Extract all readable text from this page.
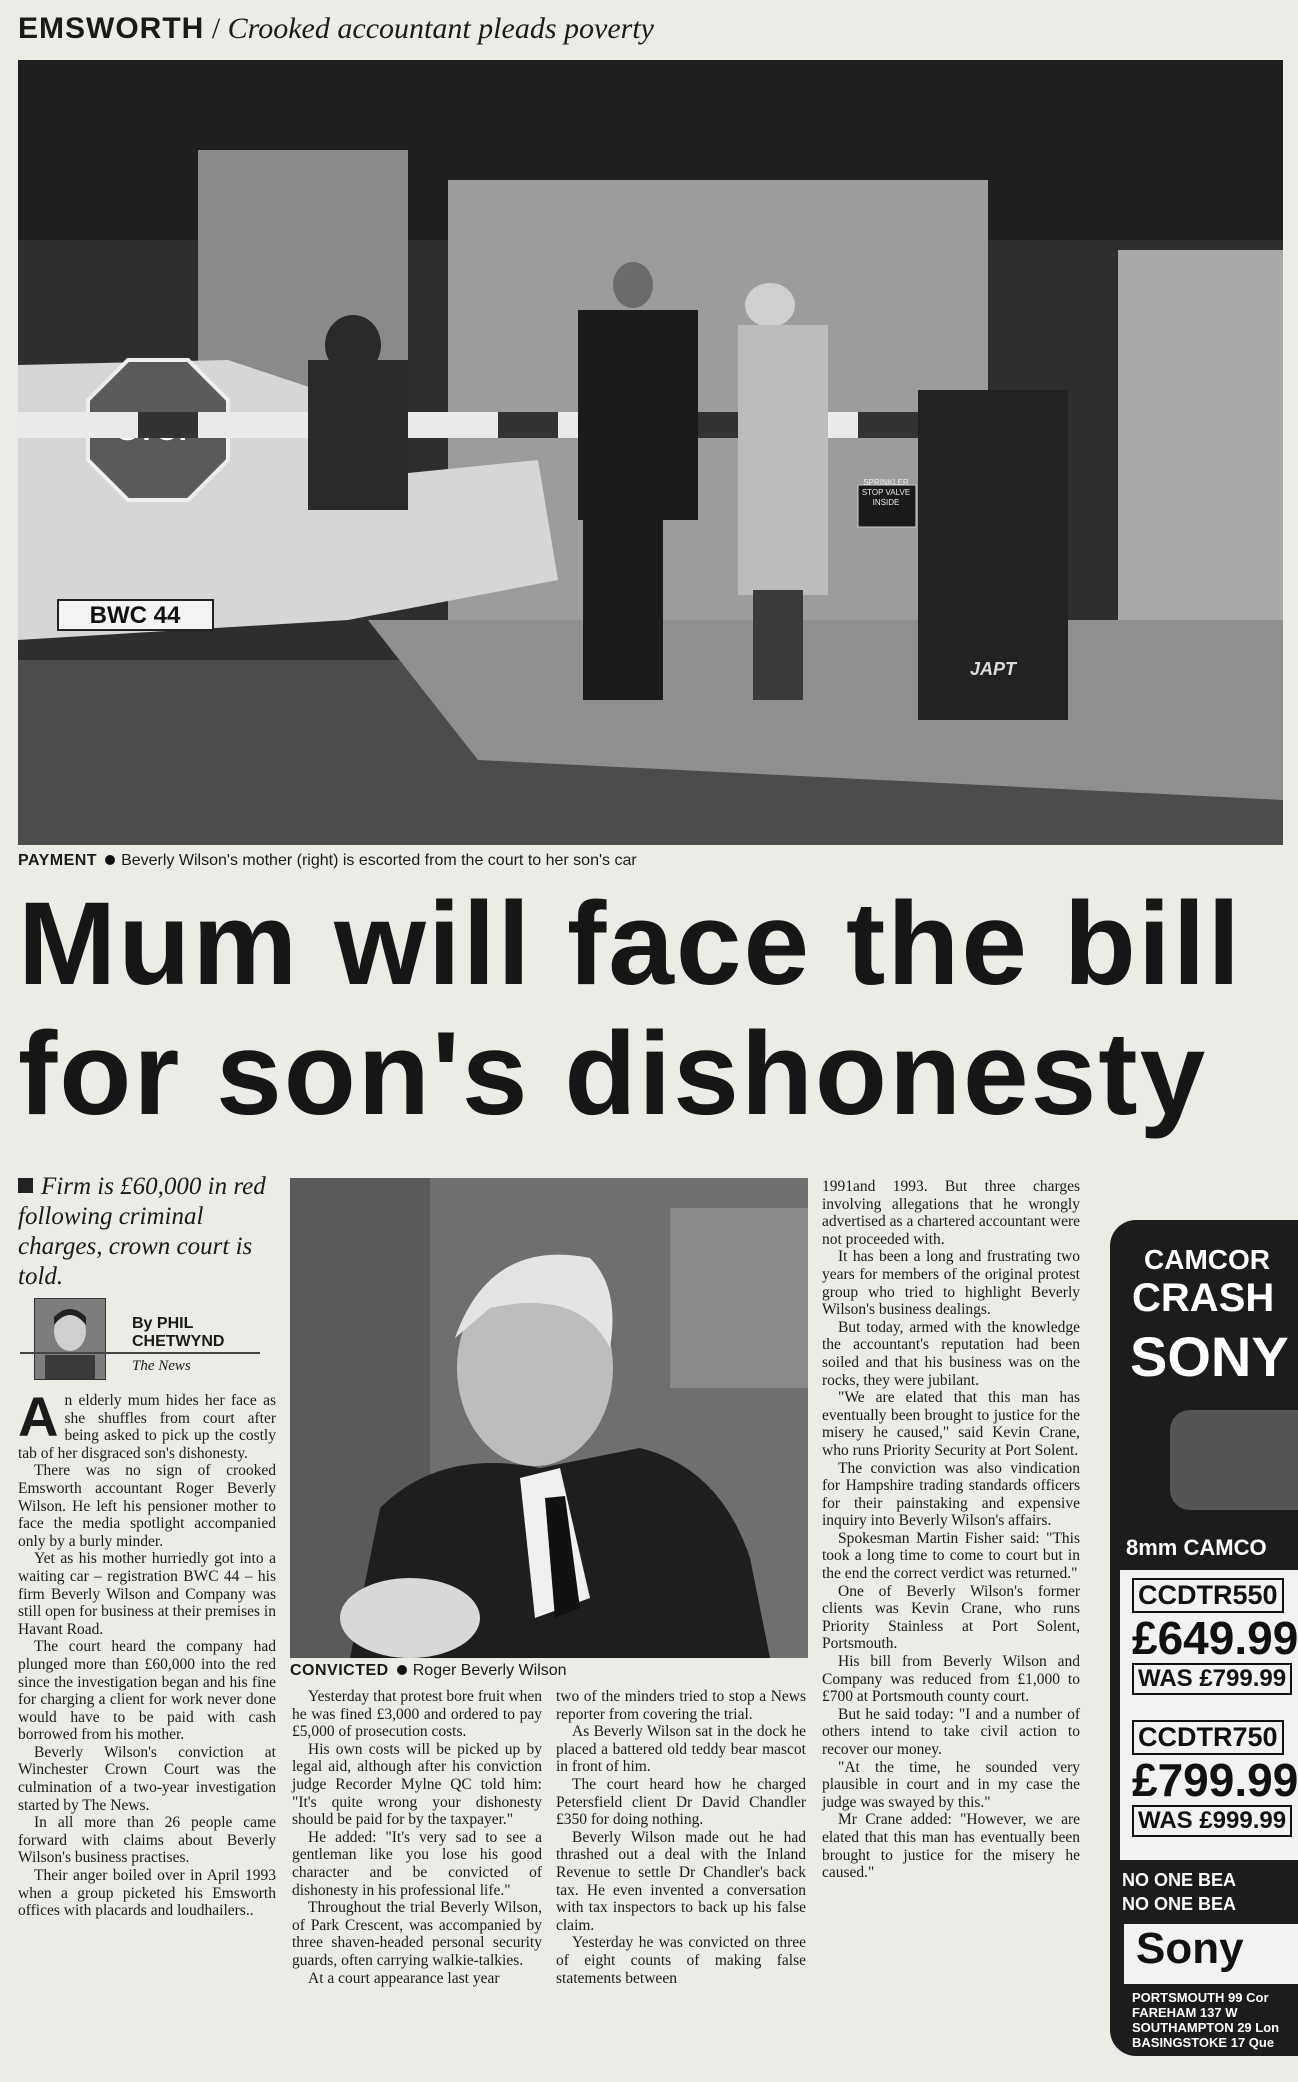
EMSWORTH / Crooked accountant pleads poverty
BWC 44
JAPT
SPRINKLER STOP VALVE INSIDE
PAYMENT Beverly Wilson's mother (right) is escorted from the court to her son's car
Mum will face the bill
for son's dishonesty
Firm is £60,000 in red following criminal charges, crown court is told.
By PHIL
CHETWYND
The News

An elderly mum hides her face as she shuffles from court after being asked to pick up the costly tab of her disgraced son's dishonesty.

There was no sign of crooked Emsworth accountant Roger Beverly Wilson. He left his pensioner mother to face the media spotlight accompanied only by a burly minder.

Yet as his mother hurriedly got into a waiting car – registration BWC 44 – his firm Beverly Wilson and Company was still open for business at their premises in Havant Road.

The court heard the company had plunged more than £60,000 into the red since the investigation began and his fine for charging a client for work never done would have to be paid with cash borrowed from his mother.

Beverly Wilson's conviction at Winchester Crown Court was the culmination of a two-year investigation started by The News.

In all more than 26 people came forward with claims about Beverly Wilson's business practises.

Their anger boiled over in April 1993 when a group picketed his Emsworth offices with placards and loudhailers..

CONVICTED Roger Beverly Wilson

Yesterday that protest bore fruit when he was fined £3,000 and ordered to pay £5,000 of prosecution costs.

His own costs will be picked up by legal aid, although after his conviction judge Recorder Mylne QC told him: "It's quite wrong your dishonesty should be paid for by the taxpayer."

He added: "It's very sad to see a gentleman like you lose his good character and be convicted of dishonesty in his professional life."

Throughout the trial Beverly Wilson, of Park Crescent, was accompanied by three shaven-headed personal security guards, often carrying walkie-talkies.

At a court appearance last year

two of the minders tried to stop a News reporter from covering the trial.

As Beverly Wilson sat in the dock he placed a battered old teddy bear mascot in front of him.

The court heard how he charged Petersfield client Dr David Chandler £350 for doing nothing.

Beverly Wilson made out he had thrashed out a deal with the Inland Revenue to settle Dr Chandler's back tax. He even invented a conversation with tax inspectors to back up his false claim.

Yesterday he was convicted on three of eight counts of making false statements between

1991and 1993. But three charges involving allegations that he wrongly advertised as a chartered accountant were not proceeded with.

It has been a long and frustrating two years for members of the original protest group who tried to highlight Beverly Wilson's business dealings.

But today, armed with the knowledge the accountant's reputation had been soiled and that his business was on the rocks, they were jubilant.

"We are elated that this man has eventually been brought to justice for the misery he caused," said Kevin Crane, who runs Priority Security at Port Solent.

The conviction was also vindication for Hampshire trading standards officers for their painstaking and expensive inquiry into Beverly Wilson's affairs.

Spokesman Martin Fisher said: "This took a long time to come to court but in the end the correct verdict was returned."

One of Beverly Wilson's former clients was Kevin Crane, who runs Priority Stainless at Port Solent, Portsmouth.

His bill from Beverly Wilson and Company was reduced from £1,000 to £700 at Portsmouth county court.

But he said today: "I and a number of others intend to take civil action to recover our money.

"At the time, he sounded very plausible in court and in my case the judge was swayed by this."

Mr Crane added: "However, we are elated that this man has eventually been brought to justice for the misery he caused."

CAMCOR
CRASH
SONY
8mm CAMCO
CCDTR550
£649.99
WAS £799.99
CCDTR750
£799.99
WAS £999.99
NO ONE BEA
NO ONE BEA
Sony
PORTSMOUTH 99 Cor
FAREHAM 137 W
SOUTHAMPTON 29 Lon
BASINGSTOKE 17 Que
